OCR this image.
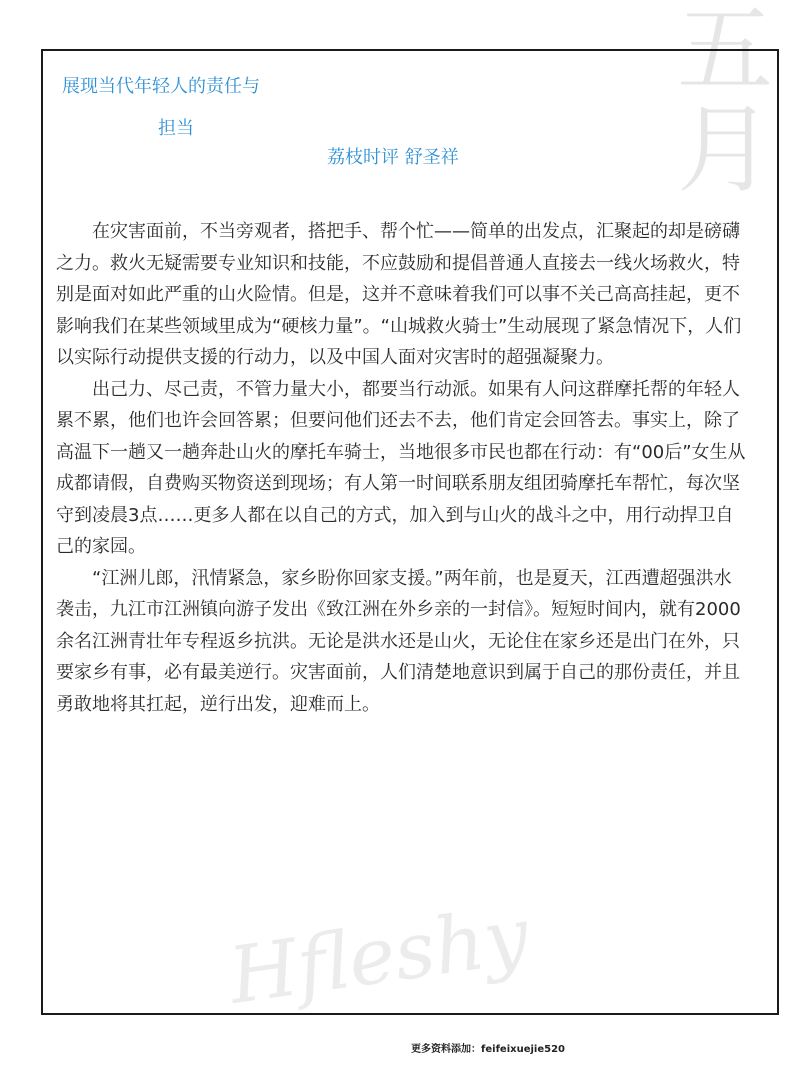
五
月
Hfleshy
展现当代年轻人的责任与
担当
荔枝时评 舒圣祥

在灾害面前，不当旁观者，搭把手、帮个忙——简单的出发点，汇聚起的却是磅礴之力。救火无疑需要专业知识和技能，不应鼓励和提倡普通人直接去一线火场救火，特别是面对如此严重的山火险情。但是，这并不意味着我们可以事不关己高高挂起，更不影响我们在某些领域里成为“硬核力量”。“山城救火骑士”生动展现了紧急情况下，人们以实际行动提供支援的行动力，以及中国人面对灾害时的超强凝聚力。

出己力、尽己责，不管力量大小，都要当行动派。如果有人问这群摩托帮的年轻人累不累，他们也许会回答累；但要问他们还去不去，他们肯定会回答去。事实上，除了高温下一趟又一趟奔赴山火的摩托车骑士，当地很多市民也都在行动：有“00后”女生从成都请假，自费购买物资送到现场；有人第一时间联系朋友组团骑摩托车帮忙，每次坚守到凌晨3点……更多人都在以自己的方式，加入到与山火的战斗之中，用行动捍卫自己的家园。

“江洲儿郎，汛情紧急，家乡盼你回家支援。”两年前，也是夏天，江西遭超强洪水袭击，九江市江洲镇向游子发出《致江洲在外乡亲的一封信》。短短时间内，就有2000余名江洲青壮年专程返乡抗洪。无论是洪水还是山火，无论住在家乡还是出门在外，只要家乡有事，必有最美逆行。灾害面前，人们清楚地意识到属于自己的那份责任，并且勇敢地将其扛起，逆行出发，迎难而上。

更多资料添加：feifeixuejie520
